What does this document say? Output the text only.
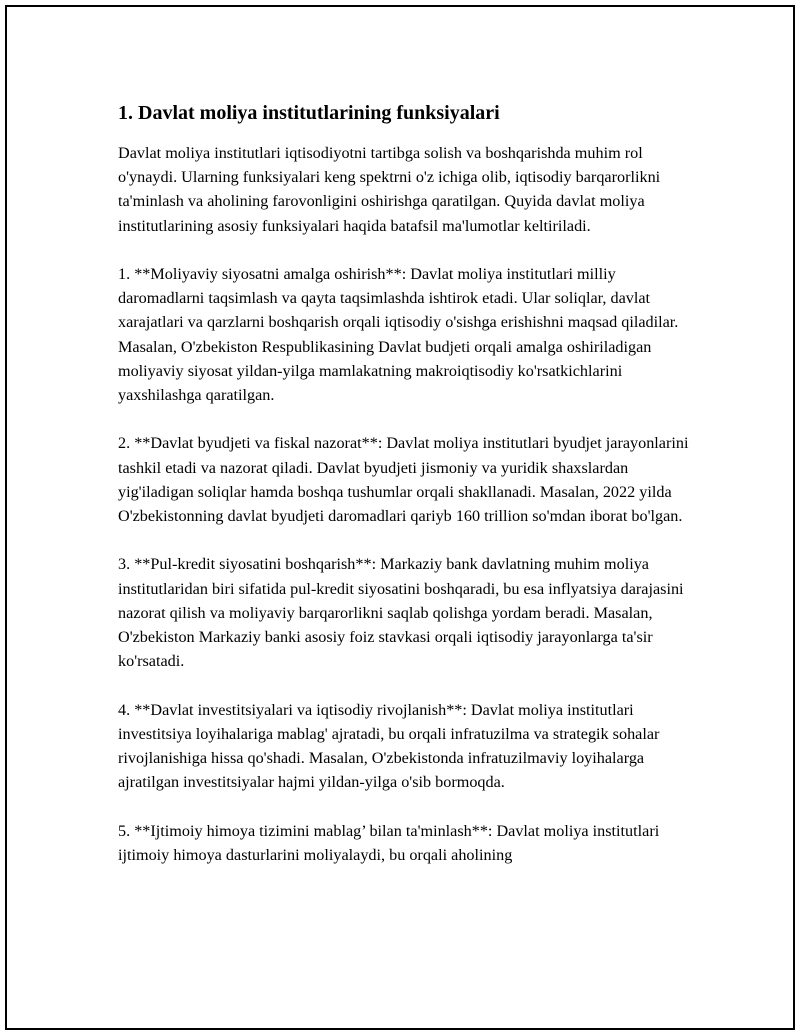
1. Davlat moliya institutlarining funksiyalari

Davlat moliya institutlari iqtisodiyotni tartibga solish va boshqarishda muhim rol o'ynaydi. Ularning funksiyalari keng spektrni o'z ichiga olib, iqtisodiy barqarorlikni ta'minlash va aholining farovonligini oshirishga qaratilgan. Quyida davlat moliya institutlarining asosiy funksiyalari haqida batafsil ma'lumotlar keltiriladi.

1. **Moliyaviy siyosatni amalga oshirish**: Davlat moliya institutlari milliy daromadlarni taqsimlash va qayta taqsimlashda ishtirok etadi. Ular soliqlar, davlat xarajatlari va qarzlarni boshqarish orqali iqtisodiy o'sishga erishishni maqsad qiladilar. Masalan, O'zbekiston Respublikasining Davlat budjeti orqali amalga oshiriladigan moliyaviy siyosat yildan-yilga mamlakatning makroiqtisodiy ko'rsatkichlarini yaxshilashga qaratilgan.

2. **Davlat byudjeti va fiskal nazorat**: Davlat moliya institutlari byudjet jarayonlarini tashkil etadi va nazorat qiladi. Davlat byudjeti jismoniy va yuridik shaxslardan yig'iladigan soliqlar hamda boshqa tushumlar orqali shakllanadi. Masalan, 2022 yilda O'zbekistonning davlat byudjeti daromadlari qariyb 160 trillion so'mdan iborat bo'lgan.

3. **Pul-kredit siyosatini boshqarish**: Markaziy bank davlatning muhim moliya institutlaridan biri sifatida pul-kredit siyosatini boshqaradi, bu esa inflyatsiya darajasini nazorat qilish va moliyaviy barqarorlikni saqlab qolishga yordam beradi. Masalan, O'zbekiston Markaziy banki asosiy foiz stavkasi orqali iqtisodiy jarayonlarga ta'sir ko'rsatadi.

4. **Davlat investitsiyalari va iqtisodiy rivojlanish**: Davlat moliya institutlari investitsiya loyihalariga mablag' ajratadi, bu orqali infratuzilma va strategik sohalar rivojlanishiga hissa qo'shadi. Masalan, O'zbekistonda infratuzilmaviy loyihalarga ajratilgan investitsiyalar hajmi yildan-yilga o'sib bormoqda.

5. **Ijtimoiy himoya tizimini mablag’ bilan ta'minlash**: Davlat moliya institutlari ijtimoiy himoya dasturlarini moliyalaydi, bu orqali aholining
